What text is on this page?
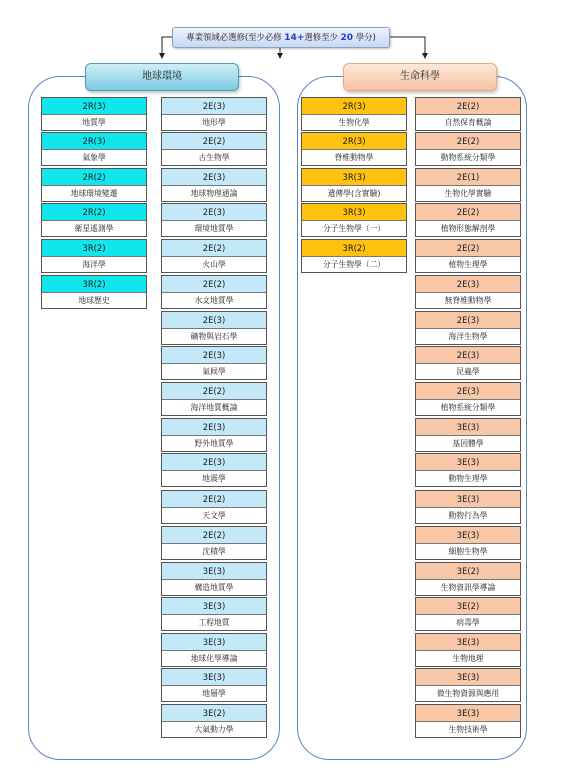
專業領域必選修(至少必修 14+選修至少 20 學分)
地球環境	生命科學
2R(3)
地質學
2R(3)
氣象學
2R(2)
地球環境變遷
2R(2)
衛星遙測學
3R(2)
海洋學
3R(2)
地球歷史
2E(3)
地形學
2E(2)
古生物學
2E(3)
地球物理通論
2E(3)
環境地質學
2E(2)
火山學
2E(2)
水文地質學
2E(3)
礦物與岩石學
2E(3)
氣候學
2E(2)
海洋地質概論
2E(3)
野外地質學
2E(3)
地震學
2E(2)
天文學
2E(2)
沈積學
3E(3)
構造地質學
3E(3)
工程地質
3E(3)
地球化學導論
3E(3)
地層學
3E(2)
大氣動力學
2R(3)
生物化學
2R(3)
脊椎動物學
3R(3)
遺傳學(含實驗)
3R(3)
分子生物學（一）
3R(2)
分子生物學（二）
2E(2)
自然保育概論
2E(2)
動物系統分類學
2E(1)
生物化學實驗
2E(2)
植物形態解剖學
2E(2)
植物生理學
2E(3)
無脊椎動物學
2E(3)
海洋生物學
2E(3)
昆蟲學
2E(3)
植物系統分類學
3E(3)
基因體學
3E(3)
動物生理學
3E(3)
動物行為學
3E(3)
細胞生物學
3E(2)
生物資訊學導論
3E(2)
病毒學
3E(3)
生物地理
3E(3)
微生物資源與應用
3E(3)
生物技術學
